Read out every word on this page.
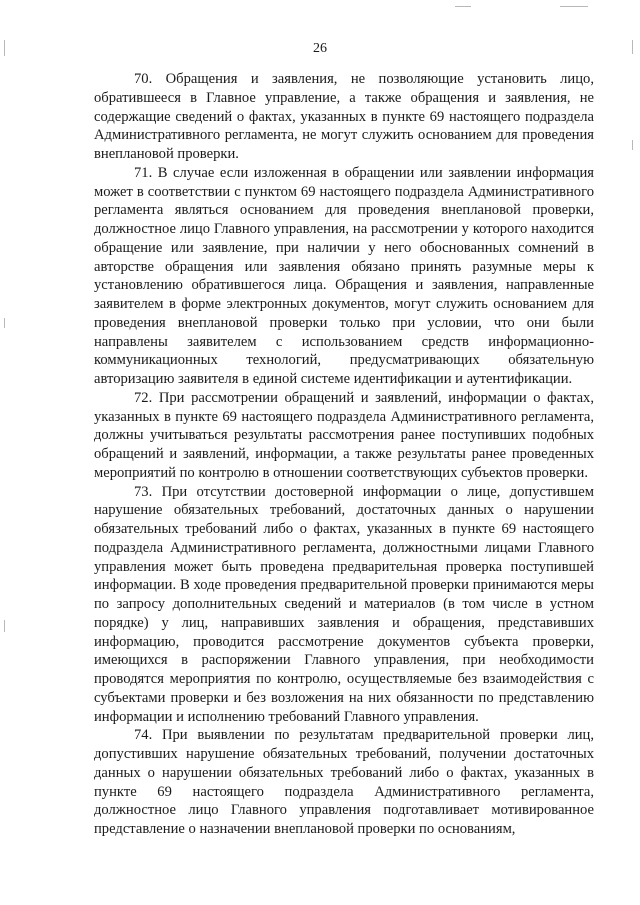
26

70. Обращения и заявления, не позволяющие установить лицо, обратившееся в Главное управление, а также обращения и заявления, не содержащие сведений о фактах, указанных в пункте 69 настоящего подраздела Административного регламента, не могут служить основанием для проведения внеплановой проверки.

71. В случае если изложенная в обращении или заявлении информация может в соответствии с пунктом 69 настоящего подраздела Административного регламента являться основанием для проведения внеплановой проверки, должностное лицо Главного управления, на рассмотрении у которого находится обращение или заявление, при наличии у него обоснованных сомнений в авторстве обращения или заявления обязано принять разумные меры к установлению обратившегося лица. Обращения и заявления, направленные заявителем в форме электронных документов, могут служить основанием для проведения внеплановой проверки только при условии, что они были направлены заявителем с использованием средств информационно-коммуникационных технологий, предусматривающих обязательную авторизацию заявителя в единой системе идентификации и аутентификации.

72. При рассмотрении обращений и заявлений, информации о фактах, указанных в пункте 69 настоящего подраздела Административного регламента, должны учитываться результаты рассмотрения ранее поступивших подобных обращений и заявлений, информации, а также результаты ранее проведенных мероприятий по контролю в отношении соответствующих субъектов проверки.

73. При отсутствии достоверной информации о лице, допустившем нарушение обязательных требований, достаточных данных о нарушении обязательных требований либо о фактах, указанных в пункте 69 настоящего подраздела Административного регламента, должностными лицами Главного управления может быть проведена предварительная проверка поступившей информации. В ходе проведения предварительной проверки принимаются меры по запросу дополнительных сведений и материалов (в том числе в устном порядке) у лиц, направивших заявления и обращения, представивших информацию, проводится рассмотрение документов субъекта проверки, имеющихся в распоряжении Главного управления, при необходимости проводятся мероприятия по контролю, осуществляемые без взаимодействия с субъектами проверки и без возложения на них обязанности по представлению информации и исполнению требований Главного управления.

74. При выявлении по результатам предварительной проверки лиц, допустивших нарушение обязательных требований, получении достаточных данных о нарушении обязательных требований либо о фактах, указанных в пункте 69 настоящего подраздела Административного регламента, должностное лицо Главного управления подготавливает мотивированное представление о назначении внеплановой проверки по основаниям,
